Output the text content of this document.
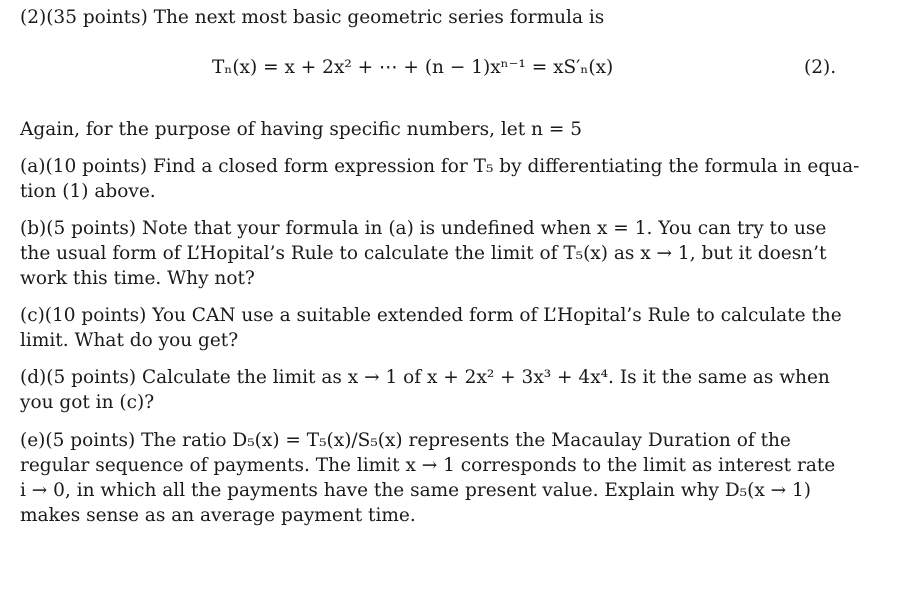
(2)(35 points) The next most basic geometric series formula is
Tₙ(x) = x + 2x² + ⋯ + (n − 1)xⁿ⁻¹ = xS′ₙ(x)	(2).
Again, for the purpose of having specific numbers, let n = 5
(a)(10 points) Find a closed form expression for T₅ by differentiating the formula in equa-
tion (1) above.
(b)(5 points) Note that your formula in (a) is undefined when x = 1. You can try to use
the usual form of L’Hopital’s Rule to calculate the limit of T₅(x) as x → 1, but it doesn’t
work this time. Why not?
(c)(10 points) You CAN use a suitable extended form of L’Hopital’s Rule to calculate the
limit. What do you get?
(d)(5 points) Calculate the limit as x → 1 of x + 2x² + 3x³ + 4x⁴. Is it the same as when
you got in (c)?
(e)(5 points) The ratio D₅(x) = T₅(x)/S₅(x) represents the Macaulay Duration of the
regular sequence of payments. The limit x → 1 corresponds to the limit as interest rate
i → 0, in which all the payments have the same present value. Explain why D₅(x → 1)
makes sense as an average payment time.
